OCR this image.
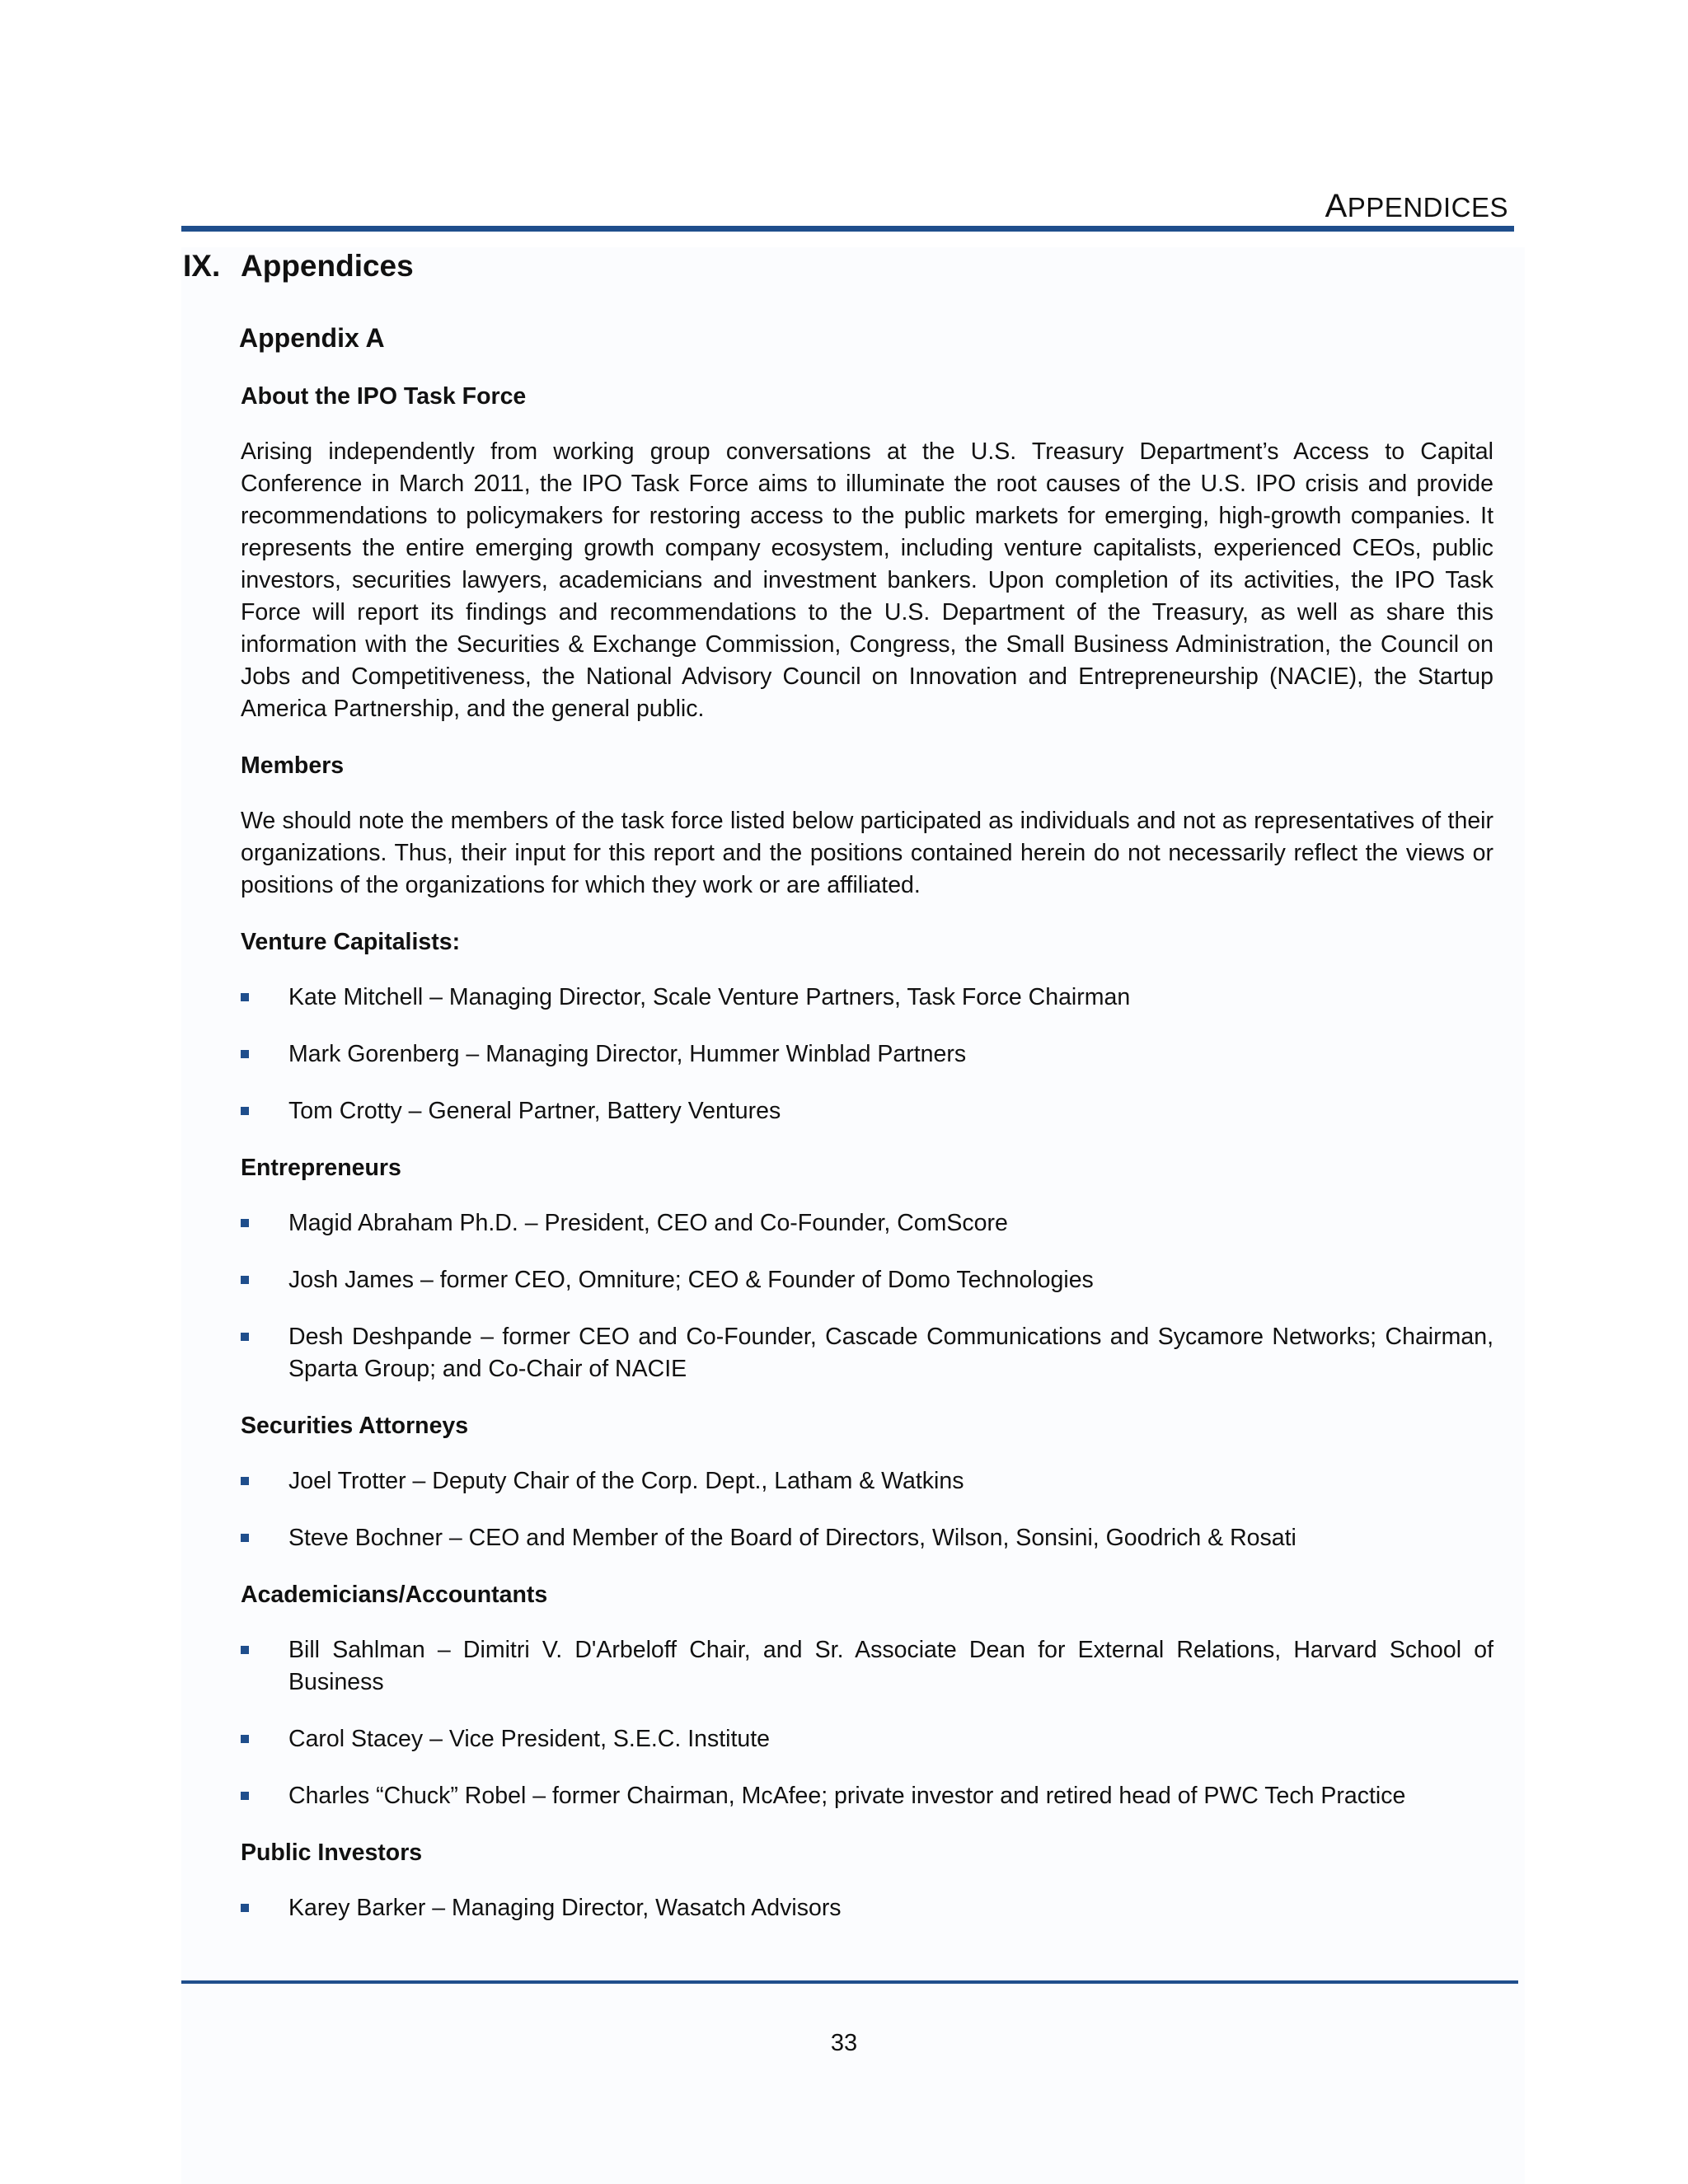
APPENDICES
IX. Appendices
Appendix A

About the IPO Task Force

Arising independently from working group conversations at the U.S. Treasury Department’s Access to Capital Conference in March 2011, the IPO Task Force aims to illuminate the root causes of the U.S. IPO crisis and provide recommendations to policymakers for restoring access to the public markets for emerging, high-growth companies. It represents the entire emerging growth company ecosystem, including venture capitalists, experienced CEOs, public investors, securities lawyers, academicians and investment bankers. Upon completion of its activities, the IPO Task Force will report its findings and recommendations to the U.S. Department of the Treasury, as well as share this information with the Securities & Exchange Commission, Congress, the Small Business Administration, the Council on Jobs and Competitiveness, the National Advisory Council on Innovation and Entrepreneurship (NACIE), the Startup America Partnership, and the general public.

Members

We should note the members of the task force listed below participated as individuals and not as representatives of their organizations. Thus, their input for this report and the positions contained herein do not necessarily reflect the views or positions of the organizations for which they work or are affiliated.

Venture Capitalists:

Kate Mitchell – Managing Director, Scale Venture Partners, Task Force Chairman
Mark Gorenberg – Managing Director, Hummer Winblad Partners
Tom Crotty – General Partner, Battery Ventures

Entrepreneurs

Magid Abraham Ph.D. – President, CEO and Co-Founder, ComScore
Josh James – former CEO, Omniture; CEO & Founder of Domo Technologies
Desh Deshpande – former CEO and Co-Founder, Cascade Communications and Sycamore Networks; Chairman, Sparta Group; and Co-Chair of NACIE

Securities Attorneys

Joel Trotter – Deputy Chair of the Corp. Dept., Latham & Watkins
Steve Bochner – CEO and Member of the Board of Directors, Wilson, Sonsini, Goodrich & Rosati

Academicians/Accountants

Bill Sahlman – Dimitri V. D'Arbeloff Chair, and Sr. Associate Dean for External Relations, Harvard School of Business
Carol Stacey – Vice President, S.E.C. Institute
Charles “Chuck” Robel – former Chairman, McAfee; private investor and retired head of PWC Tech Practice

Public Investors

Karey Barker – Managing Director, Wasatch Advisors
33
